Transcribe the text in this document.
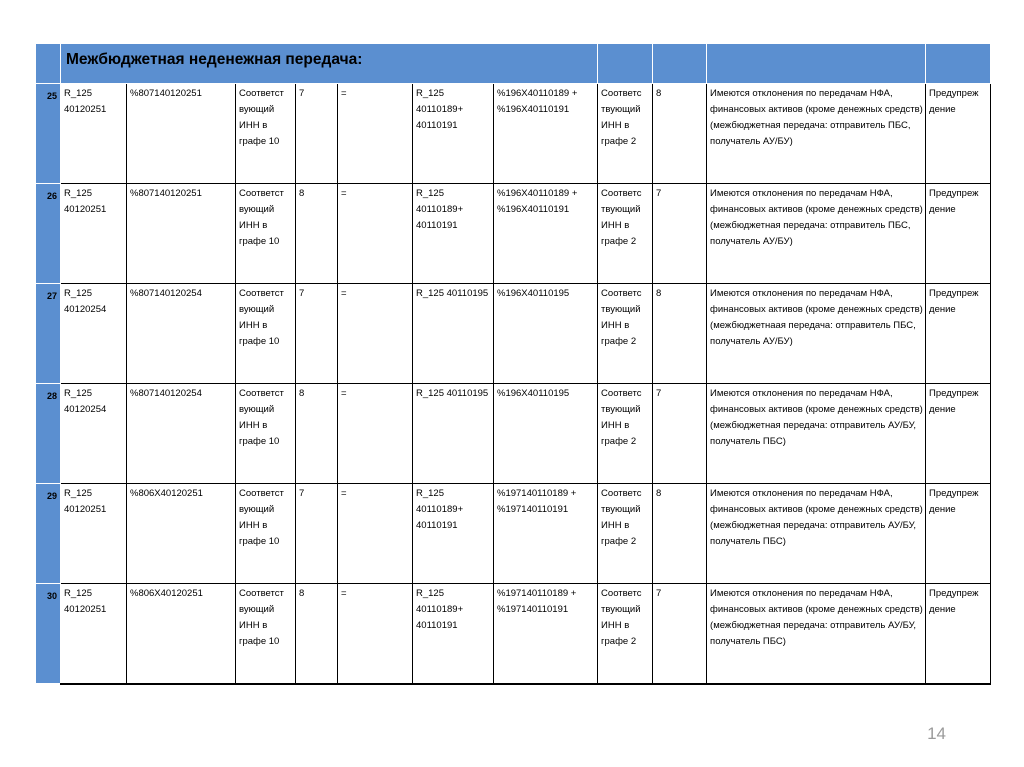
	Межбюджетная неденежная передача:										
25	R_125 40120251	%807140120251	Соответст вующий ИНН в графе 10	7	=	R_125 40110189+ 40110191	%196X40110189 + %196X40110191	Соответс твующий ИНН в графе 2	8	Имеются отклонения по передачам НФА, финансовых активов (кроме денежных средств) (межбюджетная передача: отправитель ПБС, получатель АУ/БУ)	Предупреж дение
26	R_125 40120251	%807140120251	Соответст вующий ИНН в графе 10	8	=	R_125 40110189+ 40110191	%196X40110189 + %196X40110191	Соответс твующий ИНН в графе 2	7	Имеются отклонения по передачам НФА, финансовых активов (кроме денежных средств) (межбюджетная передача: отправитель ПБС, получатель АУ/БУ)	Предупреж дение
27	R_125 40120254	%807140120254	Соответст вующий ИНН в графе 10	7	=	R_125 40110195	%196X40110195	Соответс твующий ИНН в графе 2	8	Имеются отклонения по передачам НФА, финансовых активов (кроме денежных средств) (межбюджетнаая передача: отправитель ПБС, получатель АУ/БУ)	Предупреж дение
28	R_125 40120254	%807140120254	Соответст вующий ИНН в графе 10	8	=	R_125 40110195	%196X40110195	Соответс твующий ИНН в графе 2	7	Имеются отклонения по передачам НФА, финансовых активов (кроме денежных средств) (межбюджетная передача: отправитель АУ/БУ, получатель ПБС)	Предупреж дение
29	R_125 40120251	%806X40120251	Соответст вующий ИНН в графе 10	7	=	R_125 40110189+ 40110191	%197140110189 + %197140110191	Соответс твующий ИНН в графе 2	8	Имеются отклонения по передачам НФА, финансовых активов (кроме денежных средств) (межбюджетная передача: отправитель АУ/БУ, получатель ПБС)	Предупреж дение
30	R_125 40120251	%806X40120251	Соответст вующий ИНН в графе 10	8	=	R_125 40110189+ 40110191	%197140110189 + %197140110191	Соответс твующий ИНН в графе 2	7	Имеются отклонения по передачам НФА, финансовых активов (кроме денежных средств) (межбюджетная передача: отправитель АУ/БУ, получатель ПБС)	Предупреж дение
14
